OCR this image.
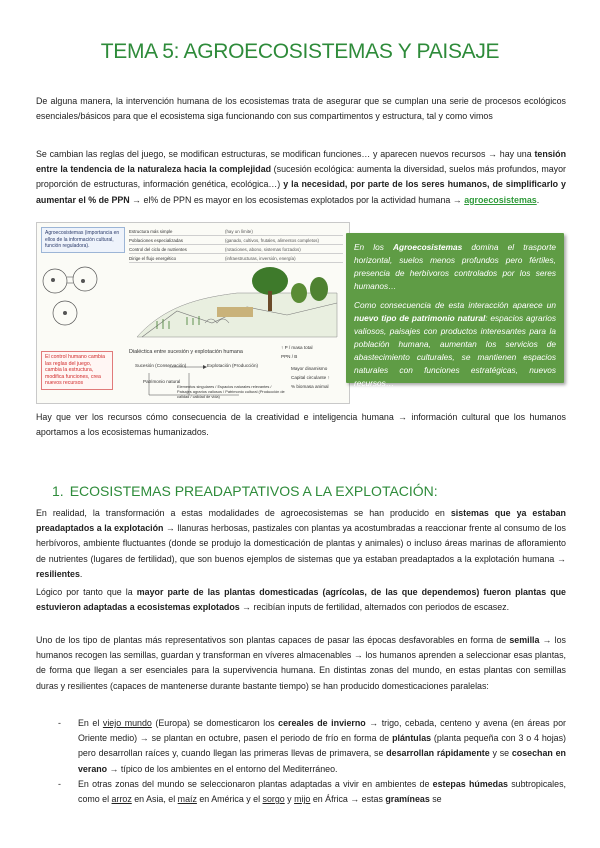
TEMA 5: AGROECOSISTEMAS Y PAISAJE
De alguna manera, la intervención humana de los ecosistemas trata de asegurar que se cumplan una serie de procesos ecológicos esenciales/básicos para que el ecosistema siga funcionando con sus compartimentos y estructura, tal y como vimos
Se cambian las reglas del juego, se modifican estructuras, se modifican funciones… y aparecen nuevos recursos → hay una tensión entre la tendencia de la naturaleza hacia la complejidad (sucesión ecológica: aumenta la diversidad, suelos más profundos, mayor proporción de estructuras, información genética, ecológica…) y la necesidad, por parte de los seres humanos, de simplificarlo y aumentar el % de PPN → el% de PPN es mayor en los ecosistemas explotados por la actividad humana → agroecosistemas.
Agroecosistemas (importancia en ellos de la información cultural, función reguladora).
Estructura más simple	(hay un límite)
Poblaciones especializadas	(ganado, cultivos, frutales, alimentos completos)
Control del ciclo de nutrientes	(rotaciones, abono, sistemas forzados)
Dirige el flujo energético	(infraestructuras, inversión, energía)
El control humano cambia las reglas del juego, cambia la estructura, modifica funciones, crea nuevos recursos
Dialéctica entre sucesión y explotación humana
Sucesión (Conservación)	Explotación (Producción)
Patrimonio natural
Elementos singulares / Espacios naturales relevantes / Paisajes agrarios valiosos / Patrimonio cultural (Producción de calidad / calidad de vida)
↑ P / masa total
PPN / B
Mayor dinamismo
Capital circulante ↑
% biomasa animal

En los Agroecosistemas domina el trasporte horizontal, suelos menos profundos pero fértiles, presencia de herbívoros controlados por los seres humanos…

Como consecuencia de esta interacción aparece un nuevo tipo de patrimonio natural: espacios agrarios valiosos, paisajes con productos interesantes para la población humana, aumentan los servicios de abastecimiento culturales, se mantienen espacios naturales con funciones estratégicas, nuevos recursos…

Hay que ver los recursos cómo consecuencia de la creatividad e inteligencia humana → información cultural que los humanos aportamos a los ecosistemas humanizados.
1. ECOSISTEMAS PREADAPTATIVOS A LA EXPLOTACIÓN:
En realidad, la transformación a estas modalidades de agroecosistemas se han producido en sistemas que ya estaban preadaptados a la explotación → llanuras herbosas, pastizales con plantas ya acostumbradas a reaccionar frente al consumo de los herbívoros, ambiente fluctuantes (donde se produjo la domesticación de plantas y animales) o incluso áreas marinas de afloramiento de nutrientes (lugares de fertilidad), que son buenos ejemplos de sistemas que ya estaban preadaptados a la explotación humana → resilientes.
Lógico por tanto que la mayor parte de las plantas domesticadas (agrícolas, de las que dependemos) fueron plantas que estuvieron adaptadas a ecosistemas explotados → recibían inputs de fertilidad, alternados con periodos de escasez.
Uno de los tipo de plantas más representativos son plantas capaces de pasar las épocas desfavorables en forma de semilla → los humanos recogen las semillas, guardan y transforman en víveres almacenables → los humanos aprenden a seleccionar esas plantas, de forma que llegan a ser esenciales para la supervivencia humana. En distintas zonas del mundo, en estas plantas con semillas duras y resilientes (capaces de mantenerse durante bastante tiempo) se han producido domesticaciones paralelas:
- En el viejo mundo (Europa) se domesticaron los cereales de invierno → trigo, cebada, centeno y avena (en áreas por Oriente medio) → se plantan en octubre, pasen el periodo de frío en forma de plántulas (planta pequeña con 3 o 4 hojas) pero desarrollan raíces y, cuando llegan las primeras llevas de primavera, se desarrollan rápidamente y se cosechan en verano → típico de los ambientes en el entorno del Mediterráneo.
- En otras zonas del mundo se seleccionaron plantas adaptadas a vivir en ambientes de estepas húmedas subtropicales, como el arroz en Asia, el maíz en América y el sorgo y mijo en África → estas gramíneas se
